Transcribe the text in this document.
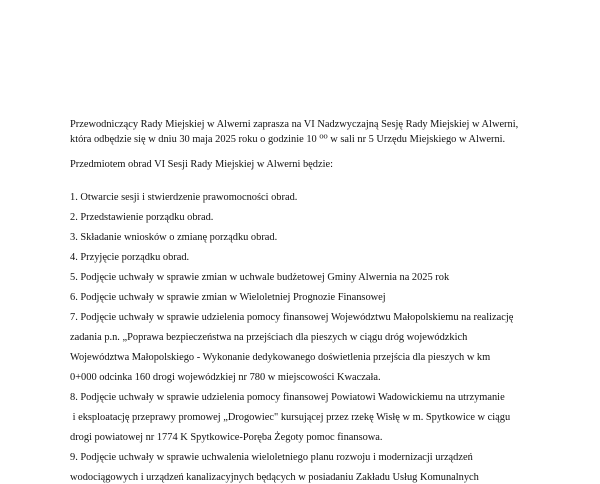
Przewodniczący Rady Miejskiej w Alwerni zaprasza na VI Nadzwyczajną Sesję Rady Miejskiej w Alwerni,

która odbędzie się w dniu 30 maja 2025 roku o godzinie 10 ⁰⁰ w sali nr 5 Urzędu Miejskiego w Alwerni.

Przedmiotem obrad VI Sesji Rady Miejskiej w Alwerni będzie:

1. Otwarcie sesji i stwierdzenie prawomocności obrad.

2. Przedstawienie porządku obrad.

3. Składanie wniosków o zmianę porządku obrad.

4. Przyjęcie porządku obrad.

5. Podjęcie uchwały w sprawie zmian w uchwale budżetowej Gminy Alwernia na 2025 rok

6. Podjęcie uchwały w sprawie zmian w Wieloletniej Prognozie Finansowej

7. Podjęcie uchwały w sprawie udzielenia pomocy finansowej Województwu Małopolskiemu na realizację

zadania p.n. „Poprawa bezpieczeństwa na przejściach dla pieszych w ciągu dróg wojewódzkich

Województwa Małopolskiego - Wykonanie dedykowanego doświetlenia przejścia dla pieszych w km

0+000 odcinka 160 drogi wojewódzkiej nr 780 w miejscowości Kwaczała.

8. Podjęcie uchwały w sprawie udzielenia pomocy finansowej Powiatowi Wadowickiemu na utrzymanie

i eksploatację przeprawy promowej „Drogowiec" kursującej przez rzekę Wisłę w m. Spytkowice w ciągu

drogi powiatowej nr 1774 K Spytkowice-Poręba Żegoty pomoc finansowa.

9. Podjęcie uchwały w sprawie uchwalenia wieloletniego planu rozwoju i modernizacji urządzeń

wodociągowych i urządzeń kanalizacyjnych będących w posiadaniu Zakładu Usług Komunalnych
